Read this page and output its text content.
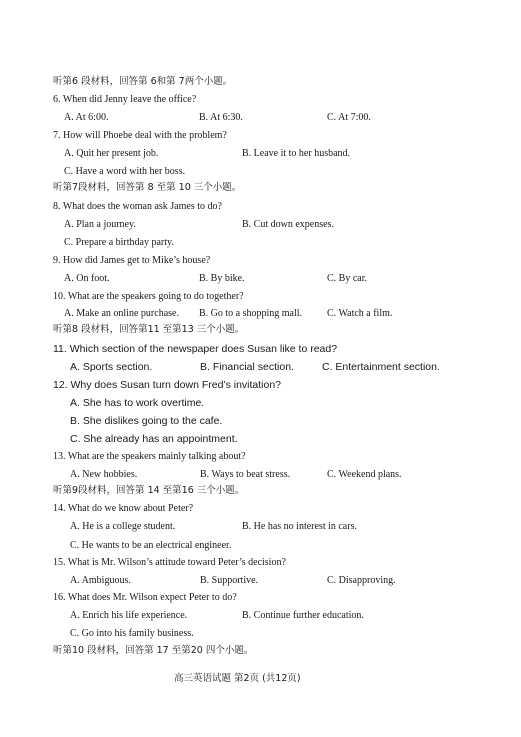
听第6 段材料，回答第 6和第 7两个小题。
6. When did Jenny leave the office?
A. At 6:00.	B. At 6:30.	C. At 7:00.
7. How will Phoebe deal with the problem?
A. Quit her present job.	B. Leave it to her husband.
C. Have a word with her boss.
听第7段材料，回答第 8 至第 10 三个小题。
8. What does the woman ask James to do?
A. Plan a journey.	B. Cut down expenses.
C. Prepare a birthday party.
9. How did James get to Mike’s house?
A. On foot.	B. By bike.	C. By car.
10. What are the speakers going to do together?
A. Make an online purchase. B. Go to a shopping mall. C. Watch a film.
听第8 段材料，回答第11 至第13 三个小题。
11. Which section of the newspaper does Susan like to read?
A. Sports section.	B. Financial section.	C. Entertainment section.
12. Why does Susan turn down Fred’s invitation?
A. She has to work overtime.
B. She dislikes going to the cafe.
C. She already has an appointment.
13. What are the speakers mainly talking about?
A. New hobbies.	B. Ways to beat stress.	C. Weekend plans.
听第9段材料，回答第 14 至第16 三个小题。
14. What do we know about Peter?
A. He is a college student.	B. He has no interest in cars.
C. He wants to be an electrical engineer.
15. What is Mr. Wilson’s attitude toward Peter’s decision?
A. Ambiguous.	B. Supportive.	C. Disapproving.
16. What does Mr. Wilson expect Peter to do?
A. Enrich his life experience.	B. Continue further education.
C. Go into his family business.
听第10 段材料，回答第 17 至第20 四个小题。
高三英语试题 第2页 (共12页)
